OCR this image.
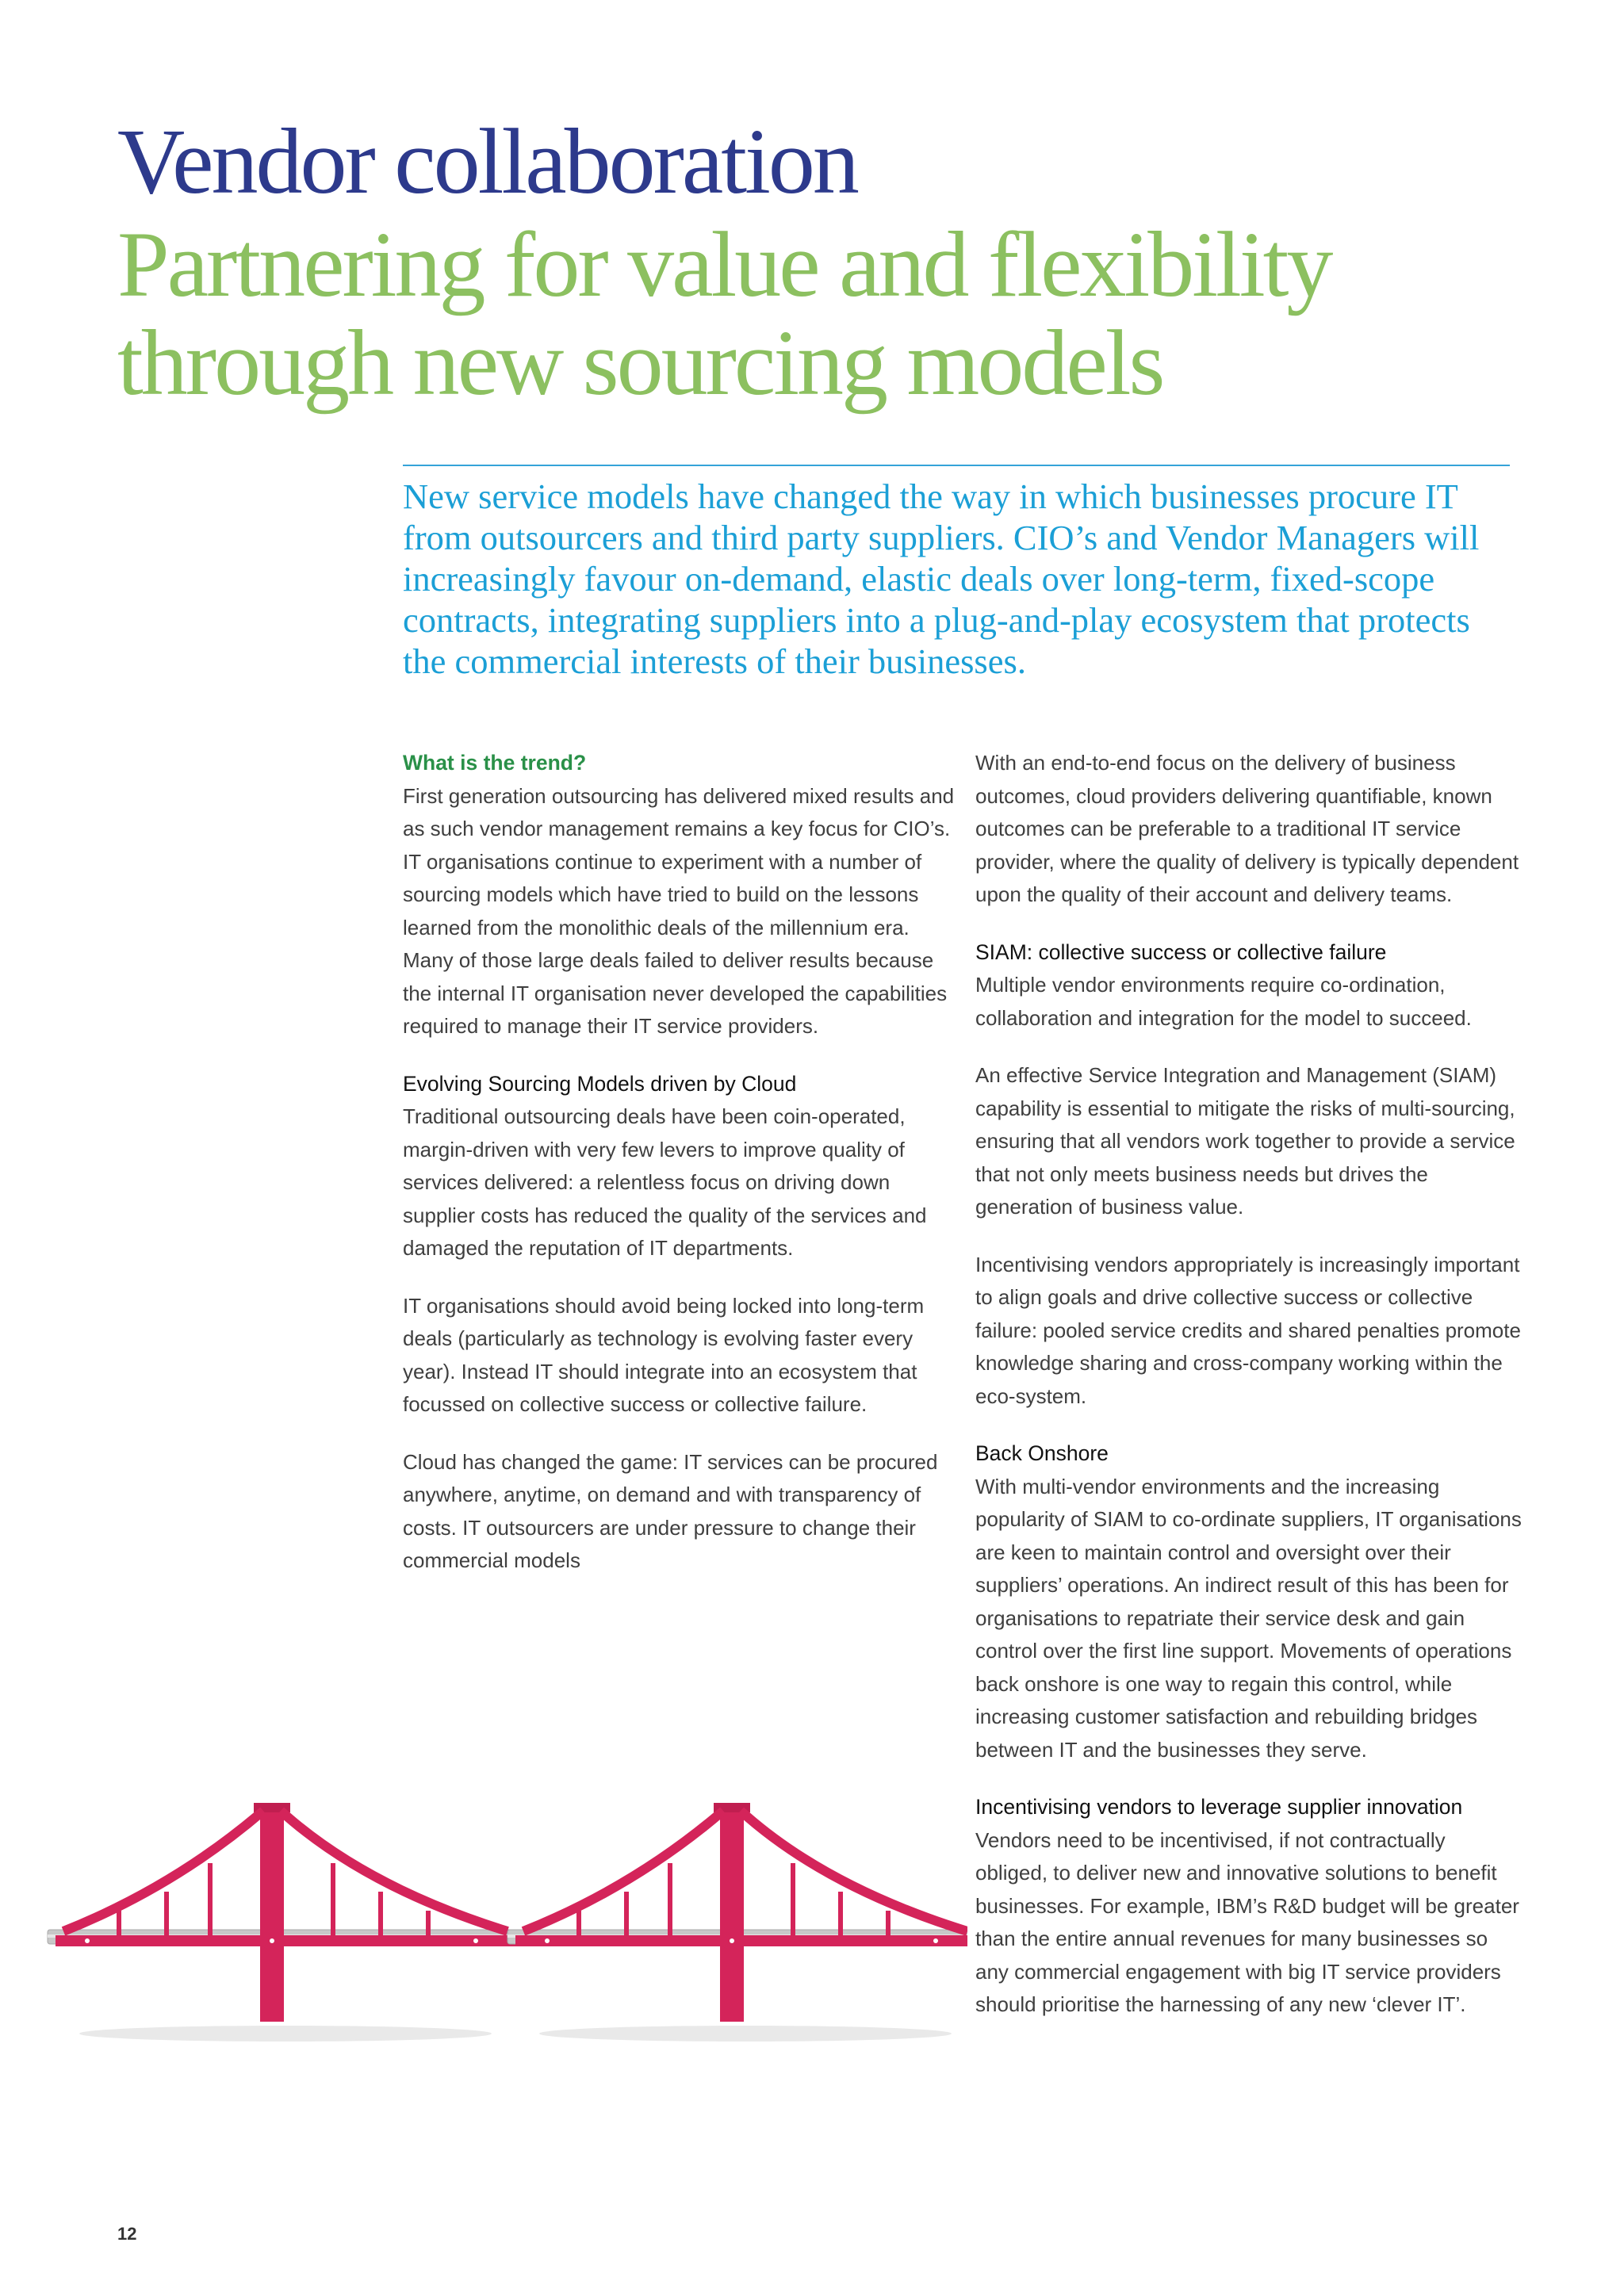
Vendor collaboration
Partnering for value and flexibility
through new sourcing models
New service models have changed the way in which businesses procure IT from outsourcers and third party suppliers. CIO’s and Vendor Managers will increasingly favour on-demand, elastic deals over long-term, fixed-scope contracts, integrating suppliers into a plug-and-play ecosystem that protects the commercial interests of their businesses.

What is the trend?

First generation outsourcing has delivered mixed results and as such vendor management remains a key focus for CIO’s. IT organisations continue to experiment with a number of sourcing models which have tried to build on the lessons learned from the monolithic deals of the millennium era. Many of those large deals failed to deliver results because the internal IT organisation never developed the capabilities required to manage their IT service providers.

Evolving Sourcing Models driven by Cloud

Traditional outsourcing deals have been coin-operated, margin-driven with very few levers to improve quality of services delivered: a relentless focus on driving down supplier costs has reduced the quality of the services and damaged the reputation of IT departments.

IT organisations should avoid being locked into long-term deals (particularly as technology is evolving faster every year). Instead IT should integrate into an ecosystem that focussed on collective success or collective failure.

Cloud has changed the game: IT services can be procured anywhere, anytime, on demand and with transparency of costs. IT outsourcers are under pressure to change their commercial models

With an end-to-end focus on the delivery of business outcomes, cloud providers delivering quantifiable, known outcomes can be preferable to a traditional IT service provider, where the quality of delivery is typically dependent upon the quality of their account and delivery teams.

SIAM: collective success or collective failure

Multiple vendor environments require co-ordination, collaboration and integration for the model to succeed.

An effective Service Integration and Management (SIAM) capability is essential to mitigate the risks of multi-sourcing, ensuring that all vendors work together to provide a service that not only meets business needs but drives the generation of business value.

Incentivising vendors appropriately is increasingly important to align goals and drive collective success or collective failure: pooled service credits and shared penalties promote knowledge sharing and cross-company working within the eco-system.

Back Onshore

With multi-vendor environments and the increasing popularity of SIAM to co-ordinate suppliers, IT organisations are keen to maintain control and oversight over their suppliers’ operations. An indirect result of this has been for organisations to repatriate their service desk and gain control over the first line support. Movements of operations back onshore is one way to regain this control, while increasing customer satisfaction and rebuilding bridges between IT and the businesses they serve.

Incentivising vendors to leverage supplier innovation

Vendors need to be incentivised, if not contractually obliged, to deliver new and innovative solutions to benefit businesses. For example, IBM’s R&D budget will be greater than the entire annual revenues for many businesses so any commercial engagement with big IT service providers should prioritise the harnessing of any new ‘clever IT’.

12
